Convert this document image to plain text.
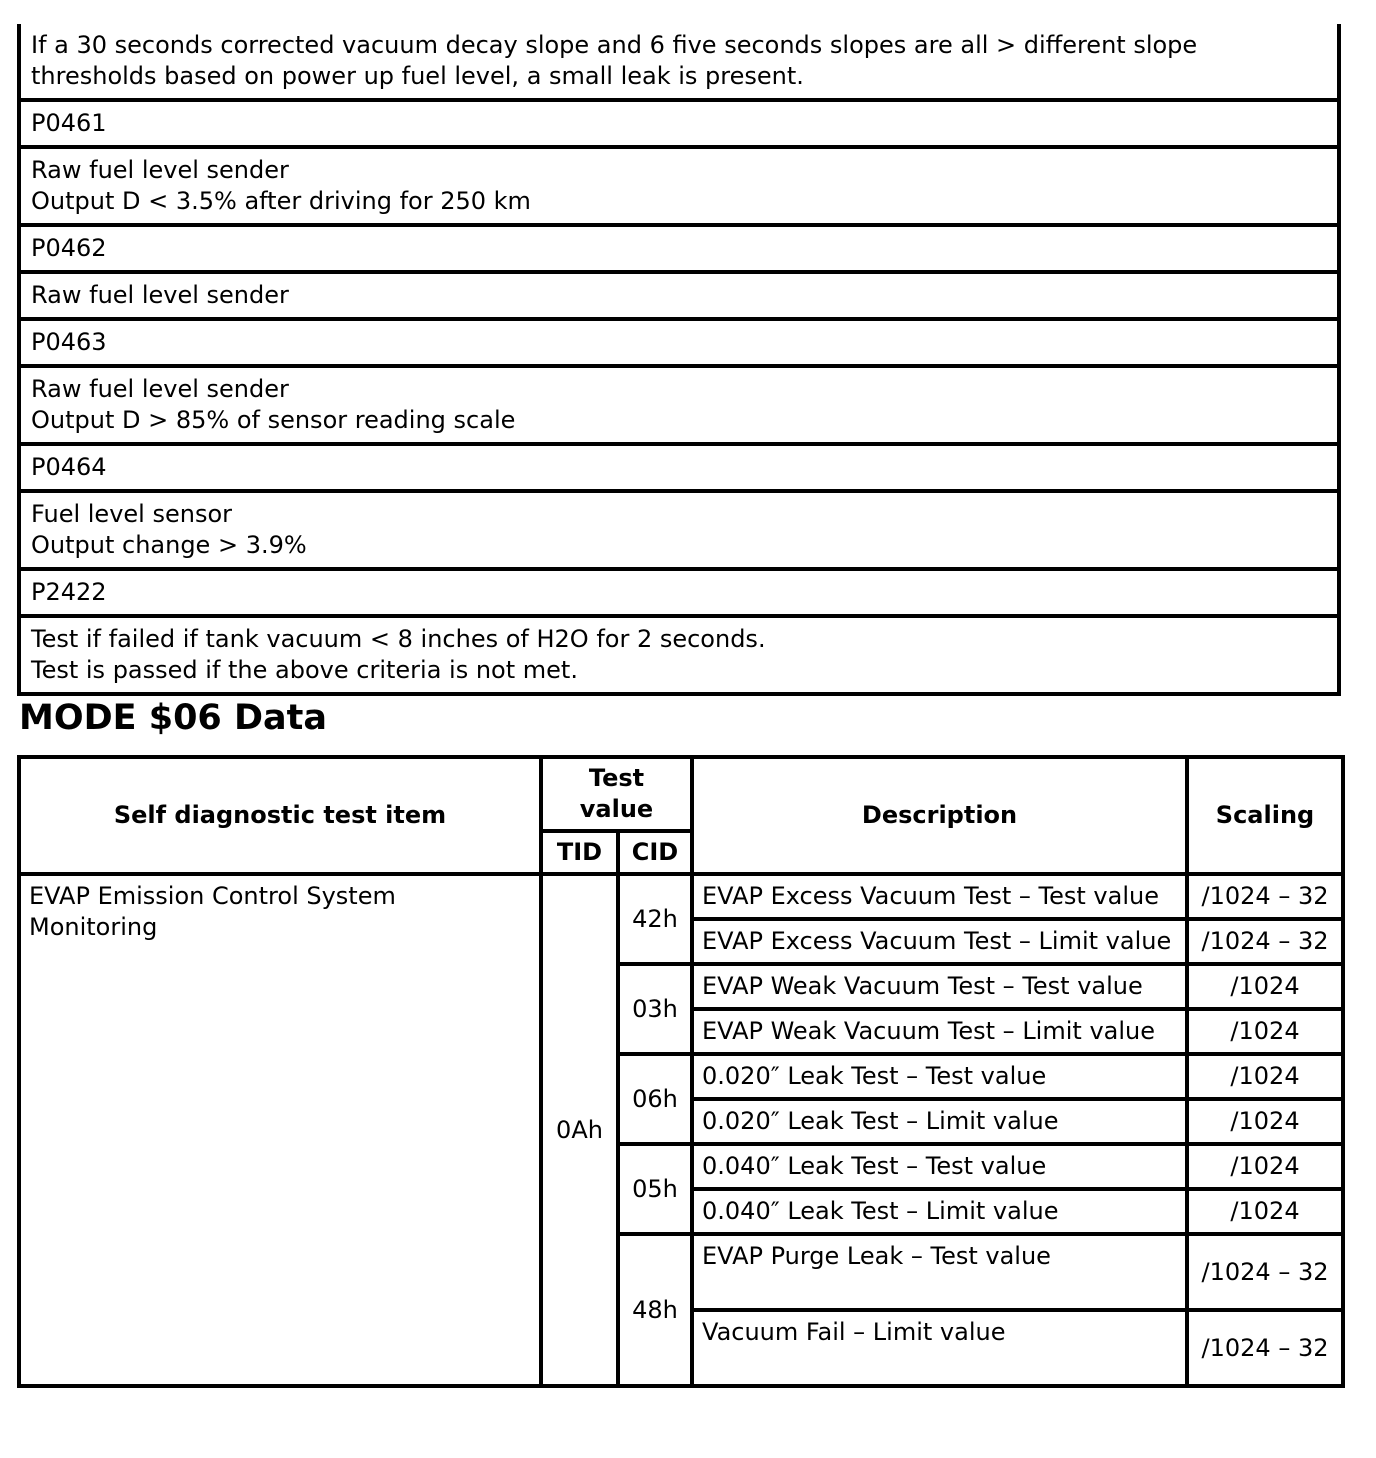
If a 30 seconds corrected vacuum decay slope and 6 five seconds slopes are all > different slope thresholds based on power up fuel level, a small leak is present.
P0461
Raw fuel level sender
Output D < 3.5% after driving for 250 km
P0462
Raw fuel level sender
P0463
Raw fuel level sender
Output D > 85% of sensor reading scale
P0464
Fuel level sensor
Output change > 3.9%
P2422
Test if failed if tank vacuum < 8 inches of H2O for 2 seconds.
Test is passed if the above criteria is not met.
MODE $06 Data
Self diagnostic test item	Test value		Description	Scaling
	TID	CID		
EVAP Emission Control System Monitoring	0Ah	42h	EVAP Excess Vacuum Test – Test value	/1024 – 32
			EVAP Excess Vacuum Test – Limit value	/1024 – 32
		03h	EVAP Weak Vacuum Test – Test value	/1024
			EVAP Weak Vacuum Test – Limit value	/1024
		06h	0.020″ Leak Test – Test value	/1024
			0.020″ Leak Test – Limit value	/1024
		05h	0.040″ Leak Test – Test value	/1024
			0.040″ Leak Test – Limit value	/1024
		48h	EVAP Purge Leak – Test value	/1024 – 32
			Vacuum Fail – Limit value	/1024 – 32
